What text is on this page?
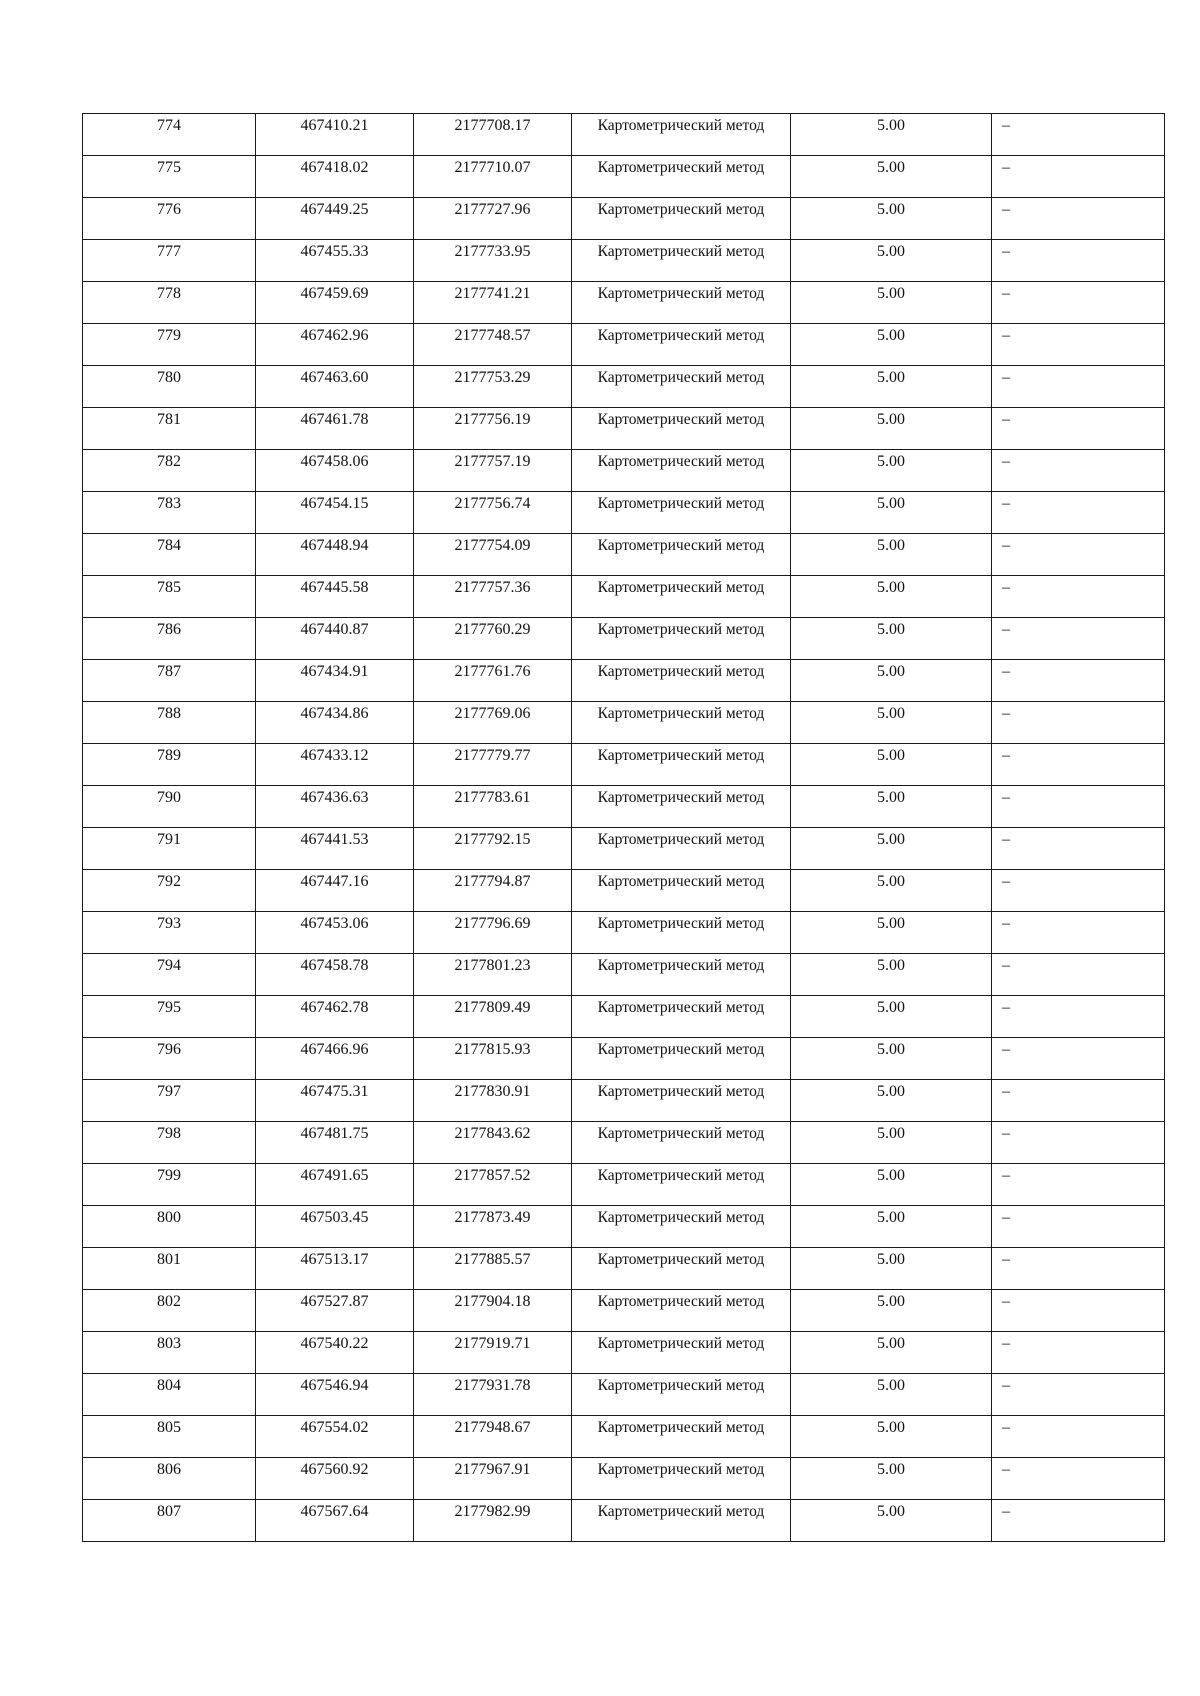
774	467410.21	2177708.17	Картометрический метод	5.00	–
775	467418.02	2177710.07	Картометрический метод	5.00	–
776	467449.25	2177727.96	Картометрический метод	5.00	–
777	467455.33	2177733.95	Картометрический метод	5.00	–
778	467459.69	2177741.21	Картометрический метод	5.00	–
779	467462.96	2177748.57	Картометрический метод	5.00	–
780	467463.60	2177753.29	Картометрический метод	5.00	–
781	467461.78	2177756.19	Картометрический метод	5.00	–
782	467458.06	2177757.19	Картометрический метод	5.00	–
783	467454.15	2177756.74	Картометрический метод	5.00	–
784	467448.94	2177754.09	Картометрический метод	5.00	–
785	467445.58	2177757.36	Картометрический метод	5.00	–
786	467440.87	2177760.29	Картометрический метод	5.00	–
787	467434.91	2177761.76	Картометрический метод	5.00	–
788	467434.86	2177769.06	Картометрический метод	5.00	–
789	467433.12	2177779.77	Картометрический метод	5.00	–
790	467436.63	2177783.61	Картометрический метод	5.00	–
791	467441.53	2177792.15	Картометрический метод	5.00	–
792	467447.16	2177794.87	Картометрический метод	5.00	–
793	467453.06	2177796.69	Картометрический метод	5.00	–
794	467458.78	2177801.23	Картометрический метод	5.00	–
795	467462.78	2177809.49	Картометрический метод	5.00	–
796	467466.96	2177815.93	Картометрический метод	5.00	–
797	467475.31	2177830.91	Картометрический метод	5.00	–
798	467481.75	2177843.62	Картометрический метод	5.00	–
799	467491.65	2177857.52	Картометрический метод	5.00	–
800	467503.45	2177873.49	Картометрический метод	5.00	–
801	467513.17	2177885.57	Картометрический метод	5.00	–
802	467527.87	2177904.18	Картометрический метод	5.00	–
803	467540.22	2177919.71	Картометрический метод	5.00	–
804	467546.94	2177931.78	Картометрический метод	5.00	–
805	467554.02	2177948.67	Картометрический метод	5.00	–
806	467560.92	2177967.91	Картометрический метод	5.00	–
807	467567.64	2177982.99	Картометрический метод	5.00	–
